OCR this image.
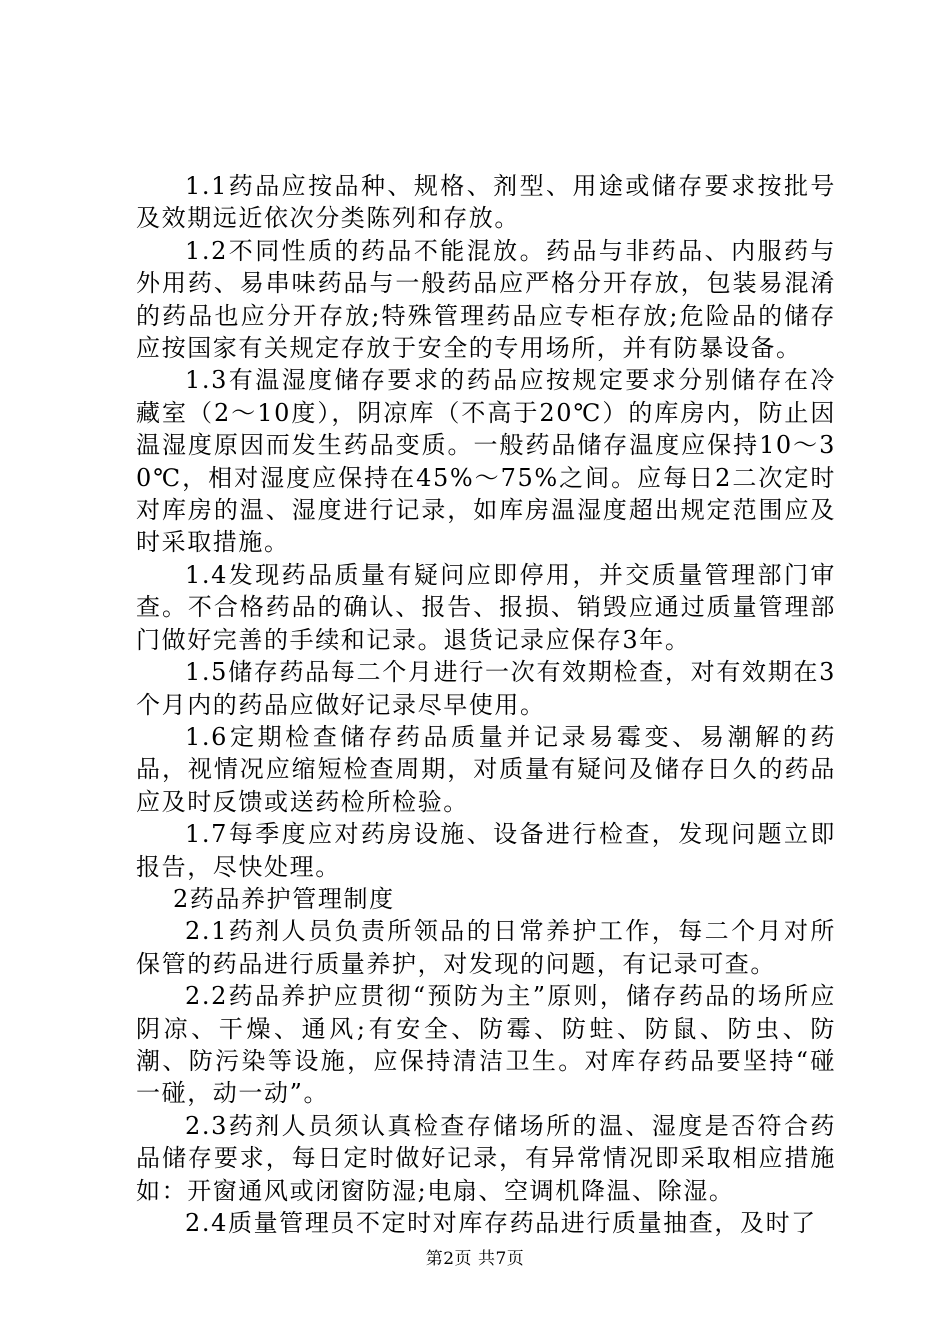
1.1药品应按品种、规格、剂型、用途或储存要求按批号及效期远近依次分类陈列和存放。

1.2不同性质的药品不能混放。药品与非药品、内服药与外用药、易串味药品与一般药品应严格分开存放，包装易混淆的药品也应分开存放;特殊管理药品应专柜存放;危险品的储存应按国家有关规定存放于安全的专用场所，并有防暴设备。

1.3有温湿度储存要求的药品应按规定要求分别储存在冷藏室（2～10度），阴凉库（不高于20℃）的库房内，防止因温湿度原因而发生药品变质。一般药品储存温度应保持10～30℃，相对湿度应保持在45%～75%之间。应每日2二次定时对库房的温、湿度进行记录，如库房温湿度超出规定范围应及时采取措施。

1.4发现药品质量有疑问应即停用，并交质量管理部门审查。不合格药品的确认、报告、报损、销毁应通过质量管理部门做好完善的手续和记录。退货记录应保存3年。

1.5储存药品每二个月进行一次有效期检查，对有效期在3个月内的药品应做好记录尽早使用。

1.6定期检查储存药品质量并记录易霉变、易潮解的药品，视情况应缩短检查周期，对质量有疑问及储存日久的药品应及时反馈或送药检所检验。

1.7每季度应对药房设施、设备进行检查，发现问题立即报告，尽快处理。

2药品养护管理制度

2.1药剂人员负责所领品的日常养护工作，每二个月对所保管的药品进行质量养护，对发现的问题，有记录可查。

2.2药品养护应贯彻“预防为主”原则，储存药品的场所应阴凉、干燥、通风;有安全、防霉、防蛀、防鼠、防虫、防潮、防污染等设施，应保持清洁卫生。对库存药品要坚持“碰一碰，动一动”。

2.3药剂人员须认真检查存储场所的温、湿度是否符合药品储存要求，每日定时做好记录，有异常情况即采取相应措施如：开窗通风或闭窗防湿;电扇、空调机降温、除湿。

2.4质量管理员不定时对库存药品进行质量抽查，及时了

第2页 共7页
